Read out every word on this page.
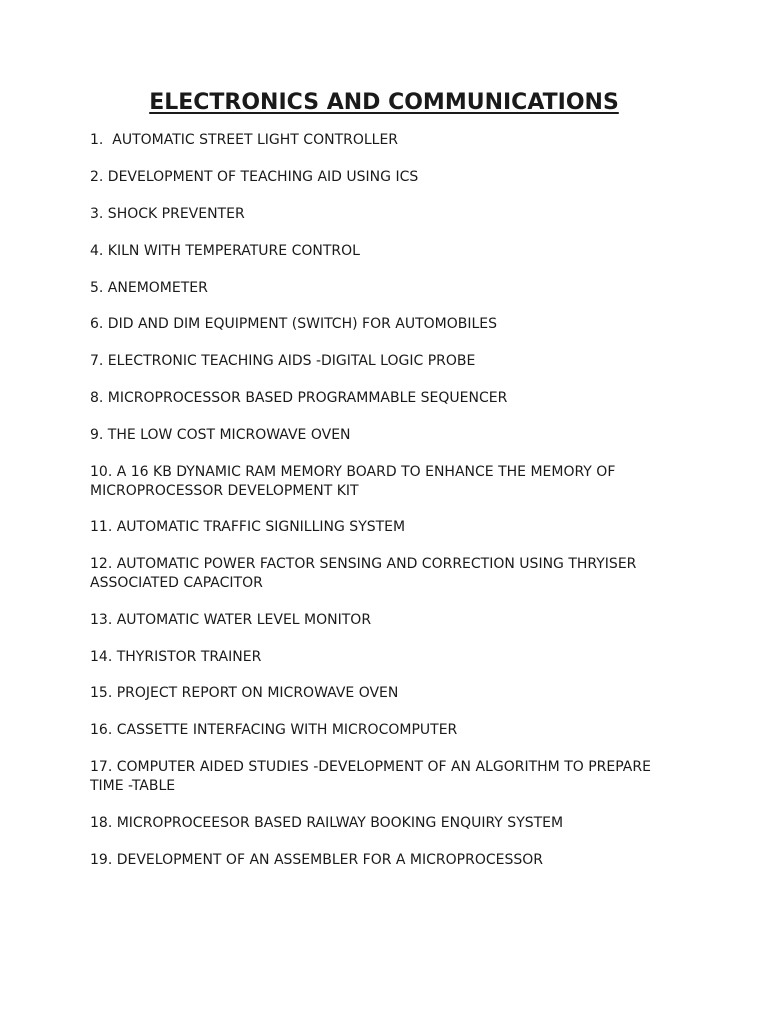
ELECTRONICS AND COMMUNICATIONS
1.  AUTOMATIC STREET LIGHT CONTROLLER
2. DEVELOPMENT OF TEACHING AID USING ICS
3. SHOCK PREVENTER
4. KILN WITH TEMPERATURE CONTROL
5. ANEMOMETER
6. DID AND DIM EQUIPMENT (SWITCH) FOR AUTOMOBILES
7. ELECTRONIC TEACHING AIDS -DIGITAL LOGIC PROBE
8. MICROPROCESSOR BASED PROGRAMMABLE SEQUENCER
9. THE LOW COST MICROWAVE OVEN
10. A 16 KB DYNAMIC RAM MEMORY BOARD TO ENHANCE THE MEMORY OF
MICROPROCESSOR DEVELOPMENT KIT
11. AUTOMATIC TRAFFIC SIGNILLING SYSTEM
12. AUTOMATIC POWER FACTOR SENSING AND CORRECTION USING THRYISER
ASSOCIATED CAPACITOR
13. AUTOMATIC WATER LEVEL MONITOR
14. THYRISTOR TRAINER
15. PROJECT REPORT ON MICROWAVE OVEN
16. CASSETTE INTERFACING WITH MICROCOMPUTER
17. COMPUTER AIDED STUDIES -DEVELOPMENT OF AN ALGORITHM TO PREPARE
TIME -TABLE
18. MICROPROCEESOR BASED RAILWAY BOOKING ENQUIRY SYSTEM
19. DEVELOPMENT OF AN ASSEMBLER FOR A MICROPROCESSOR
